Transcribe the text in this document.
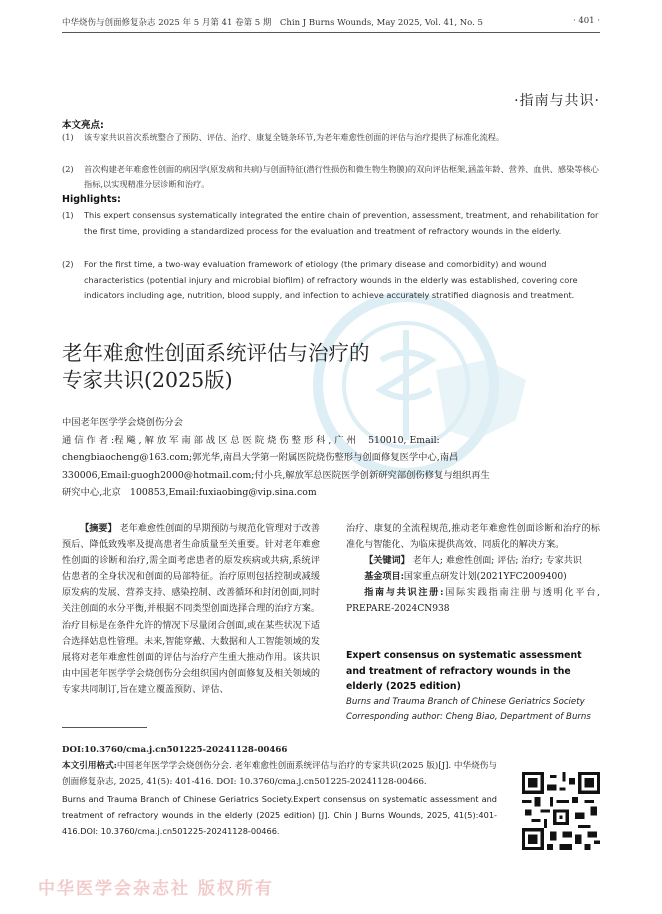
中华烧伤与创面修复杂志 2025 年 5 月第 41 卷第 5 期　Chin J Burns Wounds, May 2025, Vol. 41, No. 5	· 401 ·
·指南与共识·
本文亮点:
(1) 该专家共识首次系统整合了预防、评估、治疗、康复全链条环节,为老年难愈性创面的评估与治疗提供了标准化流程。
(2) 首次构建老年难愈性创面的病因学(原发病和共病)与创面特征(潜行性损伤和微生物生物膜)的双向评估框架,涵盖年龄、营养、血供、感染等核心指标,以实现精准分层诊断和治疗。
Highlights:
(1) This expert consensus systematically integrated the entire chain of prevention, assessment, treatment, and rehabilitation for the first time, providing a standardized process for the evaluation and treatment of refractory wounds in the elderly.
(2) For the first time, a two-way evaluation framework of etiology (the primary disease and comorbidity) and wound characteristics (potential injury and microbial biofilm) of refractory wounds in the elderly was established, covering core indicators including age, nutrition, blood supply, and infection to achieve accurately stratified diagnosis and treatment.
老年难愈性创面系统评估与治疗的
专家共识(2025版)
中国老年医学学会烧创伤分会
通 信 作 者 :程 飚 , 解 放 军 南 部 战 区 总 医 院 烧 伤 整 形 科 , 广 州　 510010, Email: chengbiaocheng@163.com;郭光华,南昌大学第一附属医院烧伤整形与创面修复医学中心,南昌　330006,Email:guogh2000@hotmail.com;付小兵,解放军总医院医学创新研究部创伤修复与组织再生研究中心,北京　100853,Email:fuxiaobing@vip.sina.com
【摘要】 老年难愈性创面的早期预防与规范化管理对于改善预后、降低致残率及提高患者生命质量至关重要。针对老年难愈性创面的诊断和治疗,需全面考虑患者的原发疾病或共病,系统评估患者的全身状况和创面的局部特征。治疗原则包括控制或减缓原发病的发展、营养支持、感染控制、改善循环和封闭创面,同时关注创面的水分平衡,并根据不同类型创面选择合理的治疗方案。治疗目标是在条件允许的情况下尽量闭合创面,或在某些状况下适合选择姑息性管理。未来,智能穿戴、大数据和人工智能领域的发展将对老年难愈性创面的评估与治疗产生重大推动作用。该共识由中国老年医学学会烧创伤分会组织国内创面修复及相关领域的专家共同制订,旨在建立覆盖预防、评估、
治疗、康复的全流程规范,推动老年难愈性创面诊断和治疗的标准化与智能化、为临床提供高效、同质化的解决方案。
【关键词】 老年人; 难愈性创面; 评估; 治疗; 专家共识
基金项目:国家重点研发计划(2021YFC2009400)
指南与共识注册:国际实践指南注册与透明化平台, PREPARE-2024CN938
Expert consensus on systematic assessment and treatment of refractory wounds in the elderly (2025 edition)
Burns and Trauma Branch of Chinese Geriatrics Society
Corresponding author: Cheng Biao, Department of Burns
DOI:10.3760/cma.j.cn501225-20241128-00466
本文引用格式:中国老年医学学会烧创伤分会. 老年难愈性创面系统评估与治疗的专家共识(2025 版)[J]. 中华烧伤与创面修复杂志, 2025, 41(5): 401-416. DOI: 10.3760/cma.j.cn501225-20241128-00466.
Burns and Trauma Branch of Chinese Geriatrics Society.Expert consensus on systematic assessment and treatment of refractory wounds in the elderly (2025 edition) [J]. Chin J Burns Wounds, 2025, 41(5):401-416.DOI: 10.3760/cma.j.cn501225-20241128-00466.
中华医学会杂志社 版权所有
